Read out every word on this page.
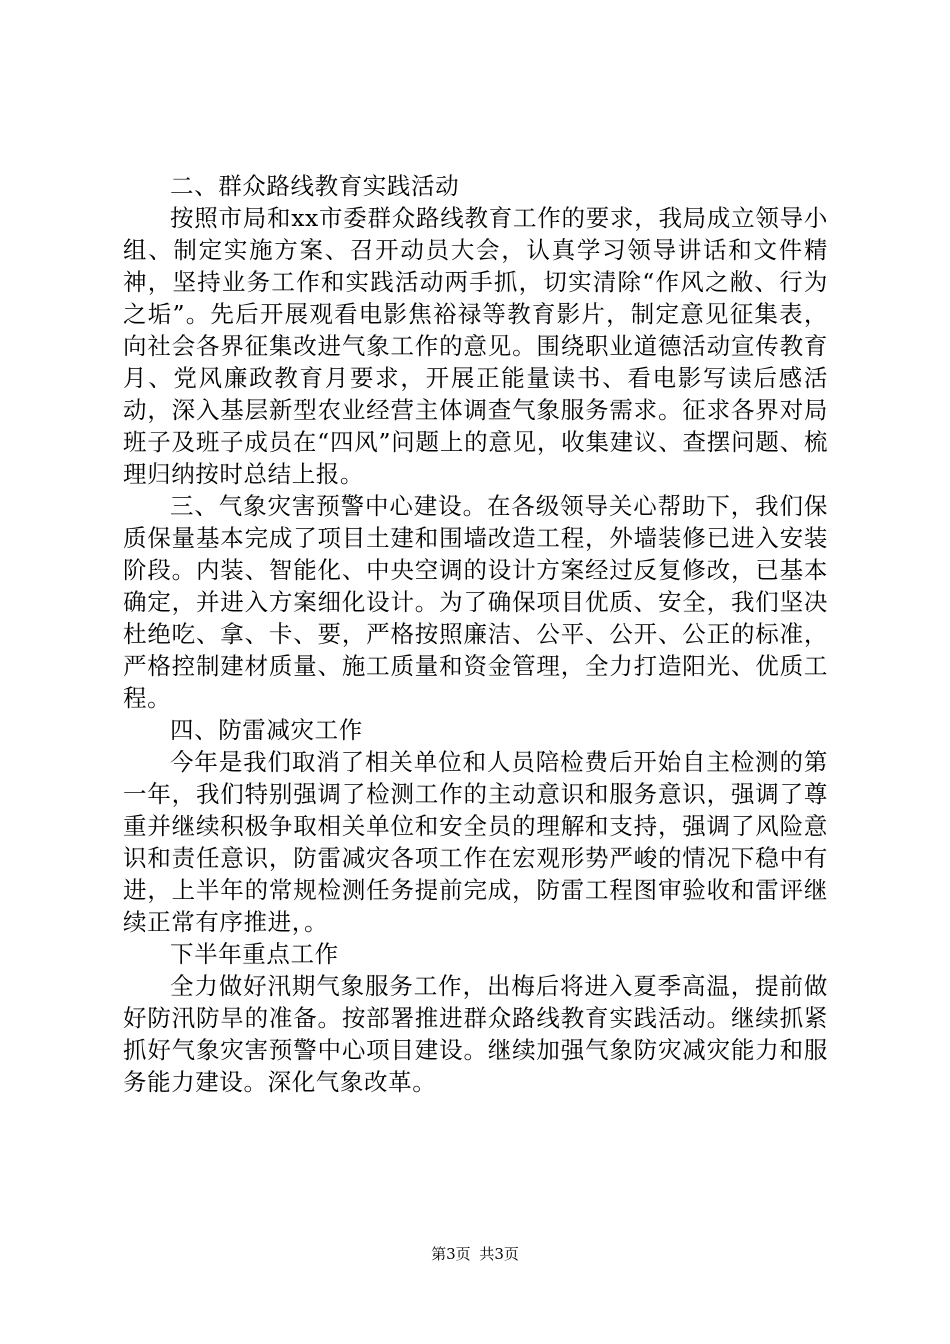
二、群众路线教育实践活动

按照市局和xx市委群众路线教育工作的要求，我局成立领导小组、制定实施方案、召开动员大会，认真学习领导讲话和文件精神，坚持业务工作和实践活动两手抓，切实清除“作风之敝、行为之垢”。先后开展观看电影焦裕禄等教育影片，制定意见征集表，向社会各界征集改进气象工作的意见。围绕职业道德活动宣传教育月、党风廉政教育月要求，开展正能量读书、看电影写读后感活动，深入基层新型农业经营主体调查气象服务需求。征求各界对局班子及班子成员在“四风”问题上的意见，收集建议、查摆问题、梳理归纳按时总结上报。

三、气象灾害预警中心建设。在各级领导关心帮助下，我们保质保量基本完成了项目土建和围墙改造工程，外墙装修已进入安装阶段。内装、智能化、中央空调的设计方案经过反复修改，已基本确定，并进入方案细化设计。为了确保项目优质、安全，我们坚决杜绝吃、拿、卡、要，严格按照廉洁、公平、公开、公正的标准，严格控制建材质量、施工质量和资金管理，全力打造阳光、优质工程。

四、防雷减灾工作

今年是我们取消了相关单位和人员陪检费后开始自主检测的第一年，我们特别强调了检测工作的主动意识和服务意识，强调了尊重并继续积极争取相关单位和安全员的理解和支持，强调了风险意识和责任意识，防雷减灾各项工作在宏观形势严峻的情况下稳中有进，上半年的常规检测任务提前完成，防雷工程图审验收和雷评继续正常有序推进，。

下半年重点工作

全力做好汛期气象服务工作，出梅后将进入夏季高温，提前做好防汛防旱的准备。按部署推进群众路线教育实践活动。继续抓紧抓好气象灾害预警中心项目建设。继续加强气象防灾减灾能力和服务能力建设。深化气象改革。

第3页 共3页
